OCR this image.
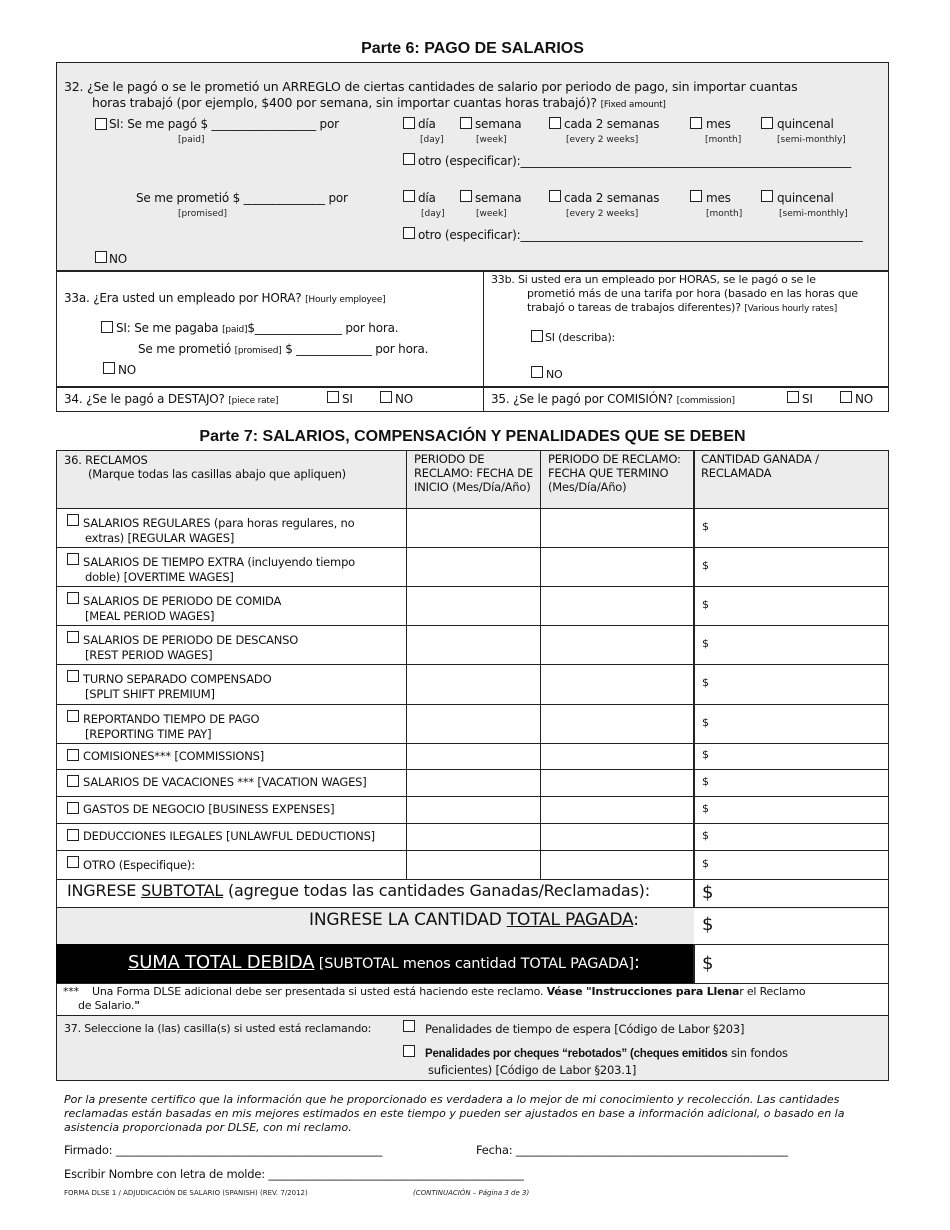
Parte 6: PAGO DE SALARIOS
32. ¿Se le pagó o se le prometió un ARREGLO de ciertas cantidades de salario por periodo de pago, sin importar cuantas
horas trabajó (por ejemplo, $400 por semana, sin importar cuantas horas trabajó)? [Fixed amount]
SI: Se me pagó $ __________________ por
[paid]
día
[day]
semana
[week]
cada 2 semanas
[every 2 weeks]
mes
[month]
quincenal
[semi-monthly]
otro (especificar):_________________________________________________________
Se me prometió $ ______________ por
[promised]
día
[day]
semana
[week]
cada 2 semanas
[every 2 weeks]
mes
[month]
quincenal
[semi-monthly]
otro (especificar):___________________________________________________________
NO
33a. ¿Era usted un empleado por HORA? [Hourly employee]
SI: Se me pagaba [paid]$_______________ por hora.
Se me prometió [promised] $ _____________ por hora.
NO
33b. Si usted era un empleado por HORAS, se le pagó o se le
prometió más de una tarifa por hora (basado en las horas que
trabajó o tareas de trabajos diferentes)? [Various hourly rates]
SI (describa):
NO
34. ¿Se le pagó a DESTAJO? [piece rate]	SI	NO	35. ¿Se le pagó por COMISIÓN? [commission]	SI	NO
Parte 7: SALARIOS, COMPENSACIÓN Y PENALIDADES QUE SE DEBEN
36. RECLAMOS
(Marque todas las casillas abajo que apliquen)
PERIODO DE RECLAMO: FECHA DE INICIO (Mes/Día/Año)
PERIODO DE RECLAMO: FECHA QUE TERMINO (Mes/Día/Año)
CANTIDAD GANADA / RECLAMADA
SALARIOS REGULARES (para horas regulares, no
extras) [REGULAR WAGES]
$
SALARIOS DE TIEMPO EXTRA (incluyendo tiempo
doble) [OVERTIME WAGES]
$
SALARIOS DE PERIODO DE COMIDA
[MEAL PERIOD WAGES]
$
SALARIOS DE PERIODO DE DESCANSO
[REST PERIOD WAGES]
$
TURNO SEPARADO COMPENSADO
[SPLIT SHIFT PREMIUM]
$
REPORTANDO TIEMPO DE PAGO
[REPORTING TIME PAY]
$
COMISIONES*** [COMMISSIONS]	$
SALARIOS DE VACACIONES *** [VACATION WAGES]	$
GASTOS DE NEGOCIO [BUSINESS EXPENSES]	$
DEDUCCIONES ILEGALES [UNLAWFUL DEDUCTIONS]	$
OTRO (Especifique):	$
INGRESE SUBTOTAL (agregue todas las cantidades Ganadas/Reclamadas):	$
INGRESE LA CANTIDAD TOTAL PAGADA:	$
SUMA TOTAL DEBIDA [SUBTOTAL menos cantidad TOTAL PAGADA]:	$
*** Una Forma DLSE adicional debe ser presentada si usted está haciendo este reclamo. Véase "Instrucciones para Llenar el Reclamo
de Salario."
37. Seleccione la (las) casilla(s) si usted está reclamando:	Penalidades de tiempo de espera [Código de Labor §203]
Penalidades por cheques “rebotados” (cheques emitidos sin fondos
suficientes) [Código de Labor §203.1]
Por la presente certifico que la información que he proporcionado es verdadera a lo mejor de mi conocimiento y recolección. Las cantidades
reclamadas están basadas en mis mejores estimados en este tiempo y pueden ser ajustados en base a información adicional, o basado en la
asistencia proporcionada por DLSE, con mi reclamo.
Firmado: ________________________________________________	Fecha: _________________________________________________
Escribir Nombre con letra de molde: ______________________________________________
FORMA DLSE 1 / ADJUDICACIÓN DE SALARIO (SPANISH) (REV. 7/2012)	(CONTINUACIÓN – Página 3 de 3)
